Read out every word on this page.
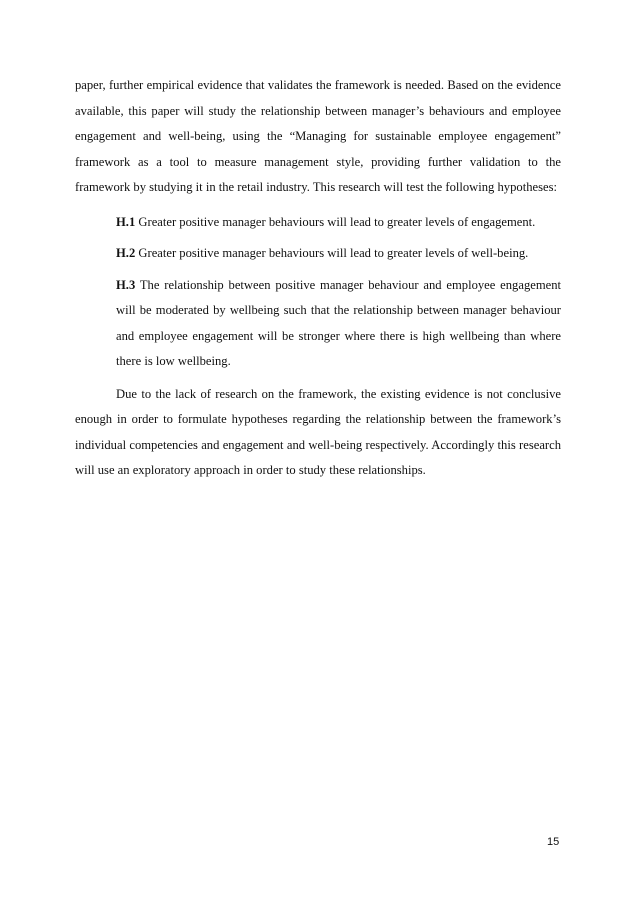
paper, further empirical evidence that validates the framework is needed. Based on the evidence available, this paper will study the relationship between manager’s behaviours and employee engagement and well-being, using the “Managing for sustainable employee engagement” framework as a tool to measure management style, providing further validation to the framework by studying it in the retail industry. This research will test the following hypotheses:

H.1 Greater positive manager behaviours will lead to greater levels of engagement.

H.2 Greater positive manager behaviours will lead to greater levels of well-being.

H.3 The relationship between positive manager behaviour and employee engagement will be moderated by wellbeing such that the relationship between manager behaviour and employee engagement will be stronger where there is high wellbeing than where there is low wellbeing.

Due to the lack of research on the framework, the existing evidence is not conclusive enough in order to formulate hypotheses regarding the relationship between the framework’s individual competencies and engagement and well-being respectively. Accordingly this research will use an exploratory approach in order to study these relationships.

15
